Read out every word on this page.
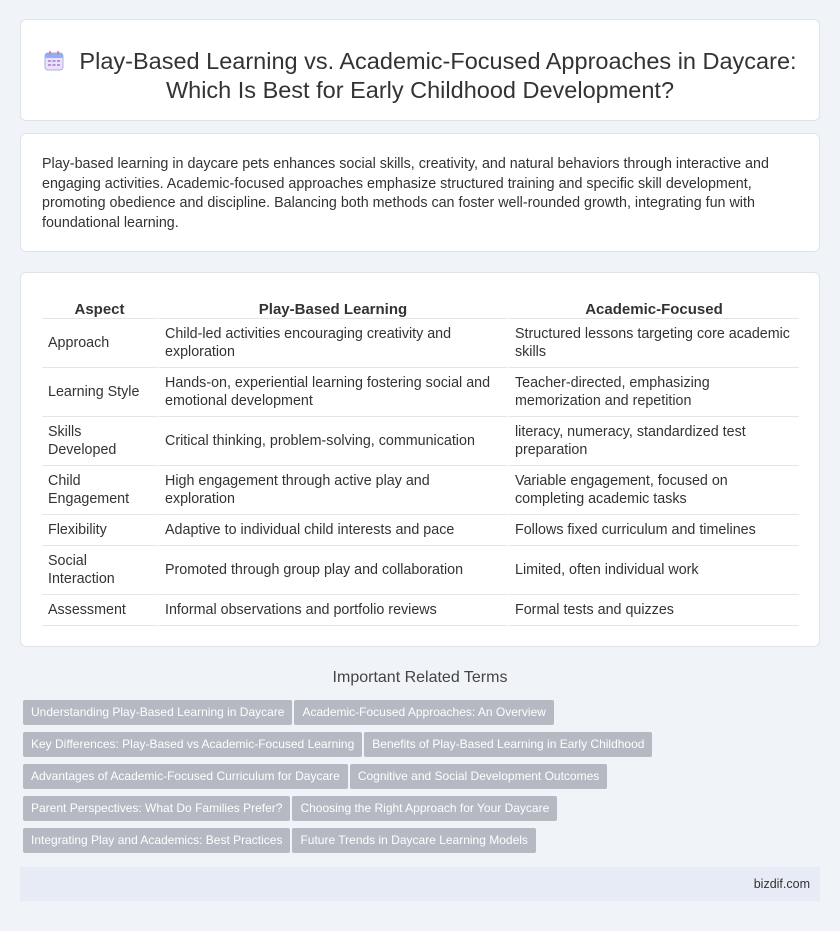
Play-Based Learning vs. Academic-Focused Approaches in Daycare: Which Is Best for Early Childhood Development?

Play-based learning in daycare pets enhances social skills, creativity, and natural behaviors through interactive and engaging activities. Academic-focused approaches emphasize structured training and specific skill development, promoting obedience and discipline. Balancing both methods can foster well-rounded growth, integrating fun with foundational learning.

Aspect	Play-Based Learning	Academic-Focused
Approach	Child-led activities encouraging creativity and exploration	Structured lessons targeting core academic skills
Learning Style	Hands-on, experiential learning fostering social and emotional development	Teacher-directed, emphasizing memorization and repetition
Skills Developed	Critical thinking, problem-solving, communication	literacy, numeracy, standardized test preparation
Child Engagement	High engagement through active play and exploration	Variable engagement, focused on completing academic tasks
Flexibility	Adaptive to individual child interests and pace	Follows fixed curriculum and timelines
Social Interaction	Promoted through group play and collaboration	Limited, often individual work
Assessment	Informal observations and portfolio reviews	Formal tests and quizzes
Important Related Terms
Understanding Play-Based Learning in Daycare Academic-Focused Approaches: An Overview
Key Differences: Play-Based vs Academic-Focused Learning Benefits of Play-Based Learning in Early Childhood
Advantages of Academic-Focused Curriculum for Daycare Cognitive and Social Development Outcomes
Parent Perspectives: What Do Families Prefer? Choosing the Right Approach for Your Daycare
Integrating Play and Academics: Best Practices Future Trends in Daycare Learning Models
bizdif.com
